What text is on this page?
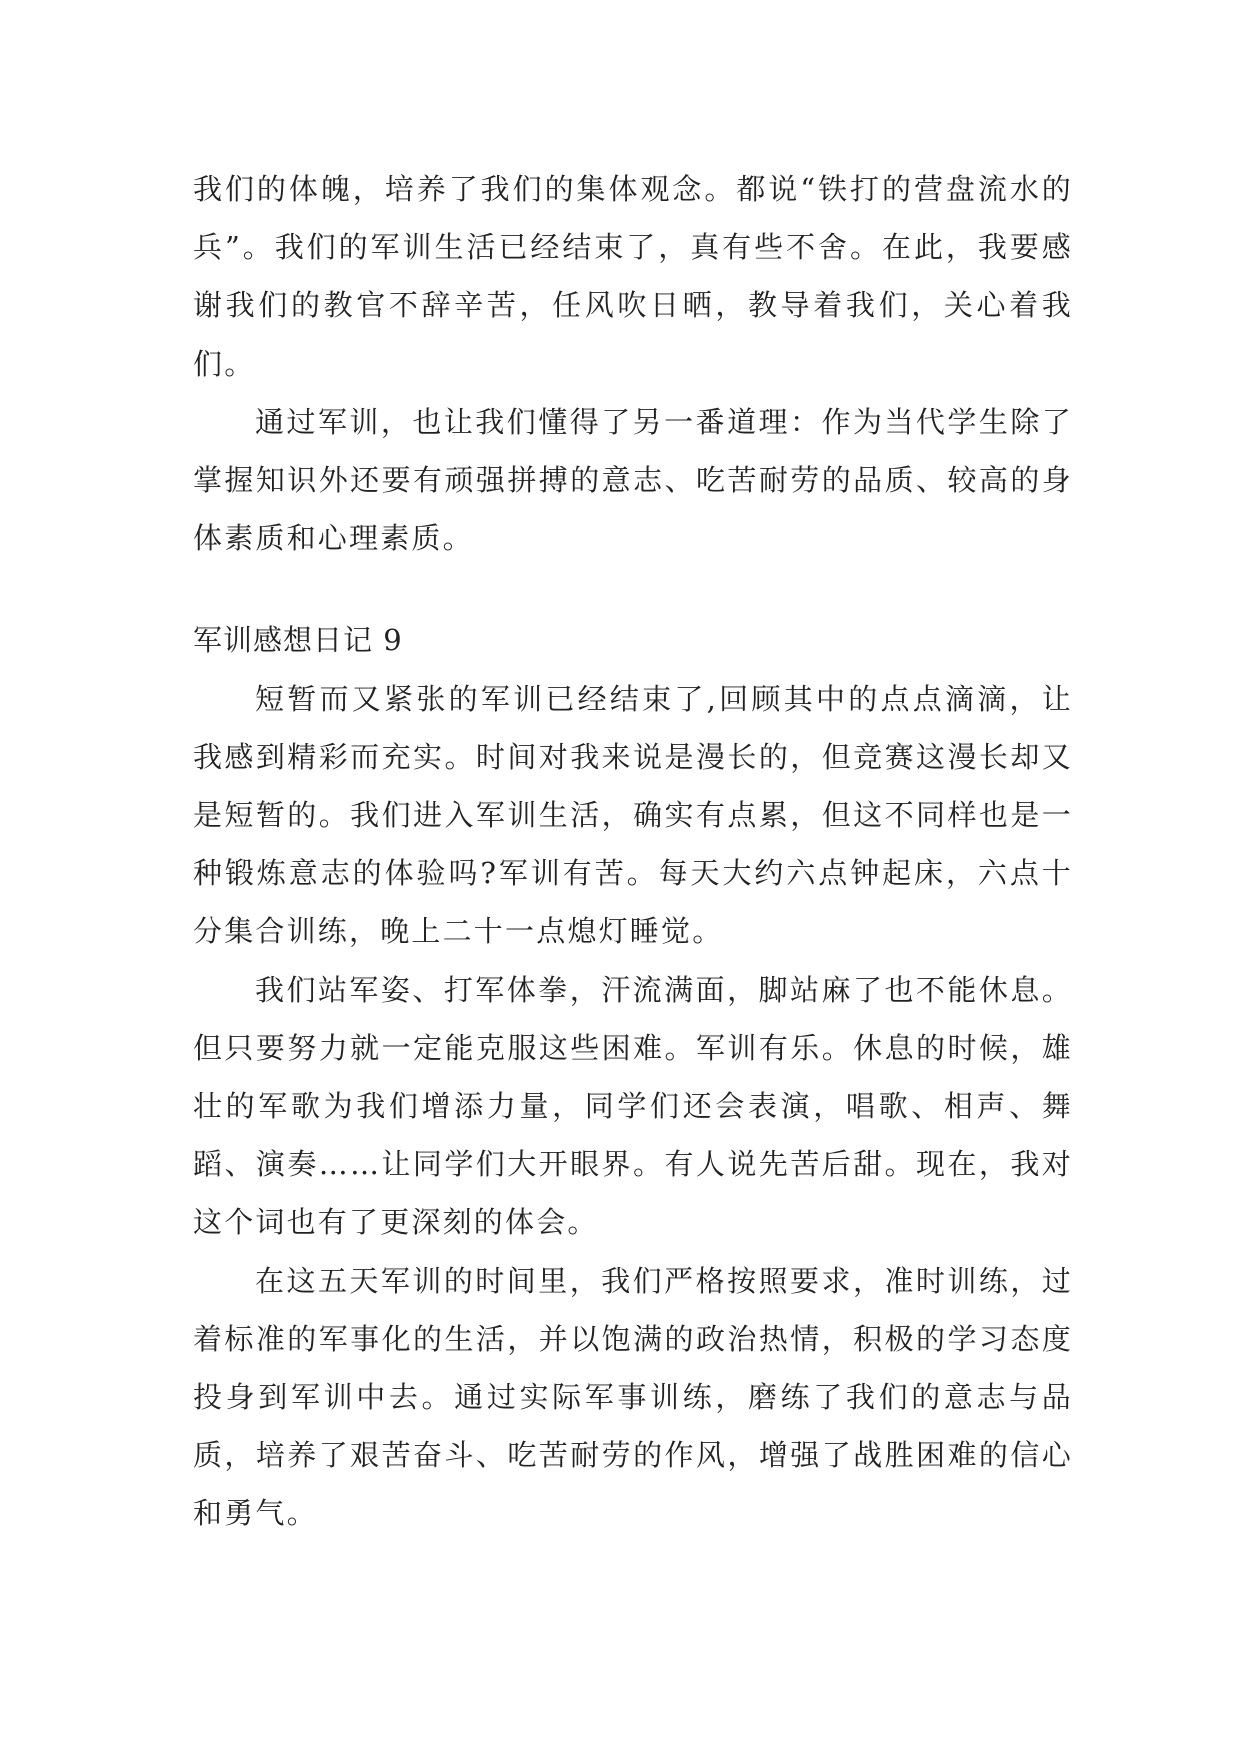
我们的体魄，培养了我们的集体观念。都说“铁打的营盘流水的兵”。我们的军训生活已经结束了，真有些不舍。在此，我要感谢我们的教官不辞辛苦，任风吹日晒，教导着我们，关心着我们。

通过军训，也让我们懂得了另一番道理：作为当代学生除了掌握知识外还要有顽强拼搏的意志、吃苦耐劳的品质、较高的身体素质和心理素质。

军训感想日记 9

短暂而又紧张的军训已经结束了,回顾其中的点点滴滴，让我感到精彩而充实。时间对我来说是漫长的，但竞赛这漫长却又是短暂的。我们进入军训生活，确实有点累，但这不同样也是一种锻炼意志的体验吗?军训有苦。每天大约六点钟起床，六点十分集合训练，晚上二十一点熄灯睡觉。

我们站军姿、打军体拳，汗流满面，脚站麻了也不能休息。但只要努力就一定能克服这些困难。军训有乐。休息的时候，雄壮的军歌为我们增添力量，同学们还会表演，唱歌、相声、舞蹈、演奏……让同学们大开眼界。有人说先苦后甜。现在，我对这个词也有了更深刻的体会。

在这五天军训的时间里，我们严格按照要求，准时训练，过着标准的军事化的生活，并以饱满的政治热情，积极的学习态度投身到军训中去。通过实际军事训练，磨练了我们的意志与品质，培养了艰苦奋斗、吃苦耐劳的作风，增强了战胜困难的信心和勇气。
